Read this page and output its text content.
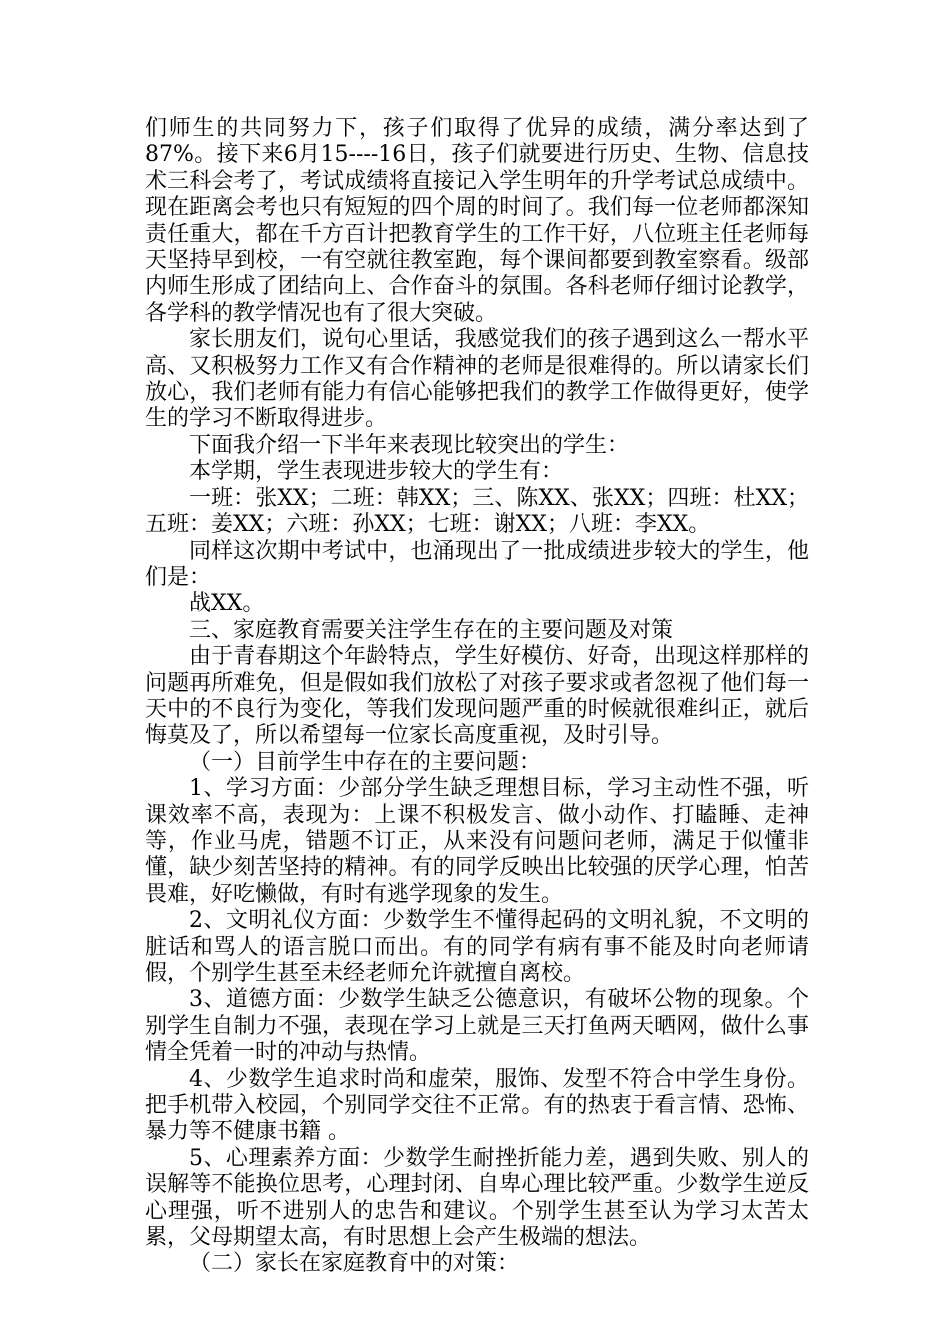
们师生的共同努力下，孩子们取得了优异的成绩，满分率达到了87%。接下来6月15----16日，孩子们就要进行历史、生物、信息技术三科会考了，考试成绩将直接记入学生明年的升学考试总成绩中。现在距离会考也只有短短的四个周的时间了。我们每一位老师都深知责任重大，都在千方百计把教育学生的工作干好，八位班主任老师每天坚持早到校，一有空就往教室跑，每个课间都要到教室察看。级部内师生形成了团结向上、合作奋斗的氛围。各科老师仔细讨论教学，各学科的教学情况也有了很大突破。

家长朋友们，说句心里话，我感觉我们的孩子遇到这么一帮水平高、又积极努力工作又有合作精神的老师是很难得的。所以请家长们放心，我们老师有能力有信心能够把我们的教学工作做得更好，使学生的学习不断取得进步。

下面我介绍一下半年来表现比较突出的学生：

本学期，学生表现进步较大的学生有：

一班：张XX；二班：韩XX；三、陈XX、张XX；四班：杜XX；五班：姜XX；六班：孙XX；七班：谢XX；八班：李XX。

同样这次期中考试中，也涌现出了一批成绩进步较大的学生，他们是：

战XX。

三、家庭教育需要关注学生存在的主要问题及对策

由于青春期这个年龄特点，学生好模仿、好奇，出现这样那样的问题再所难免，但是假如我们放松了对孩子要求或者忽视了他们每一天中的不良行为变化，等我们发现问题严重的时候就很难纠正，就后悔莫及了，所以希望每一位家长高度重视，及时引导。

（一）目前学生中存在的主要问题：

1、学习方面：少部分学生缺乏理想目标，学习主动性不强，听课效率不高，表现为：上课不积极发言、做小动作、打瞌睡、走神等，作业马虎，错题不订正，从来没有问题问老师，满足于似懂非懂，缺少刻苦坚持的精神。有的同学反映出比较强的厌学心理，怕苦畏难，好吃懒做，有时有逃学现象的发生。

2、文明礼仪方面：少数学生不懂得起码的文明礼貌，不文明的脏话和骂人的语言脱口而出。有的同学有病有事不能及时向老师请假，个别学生甚至未经老师允许就擅自离校。

3、道德方面：少数学生缺乏公德意识，有破坏公物的现象。个别学生自制力不强，表现在学习上就是三天打鱼两天晒网，做什么事情全凭着一时的冲动与热情。

4、少数学生追求时尚和虚荣，服饰、发型不符合中学生身份。把手机带入校园，个别同学交往不正常。有的热衷于看言情、恐怖、暴力等不健康书籍 。

5、心理素养方面：少数学生耐挫折能力差，遇到失败、别人的误解等不能换位思考，心理封闭、自卑心理比较严重。少数学生逆反心理强，听不进别人的忠告和建议。个别学生甚至认为学习太苦太累，父母期望太高，有时思想上会产生极端的想法。

（二）家长在家庭教育中的对策：
